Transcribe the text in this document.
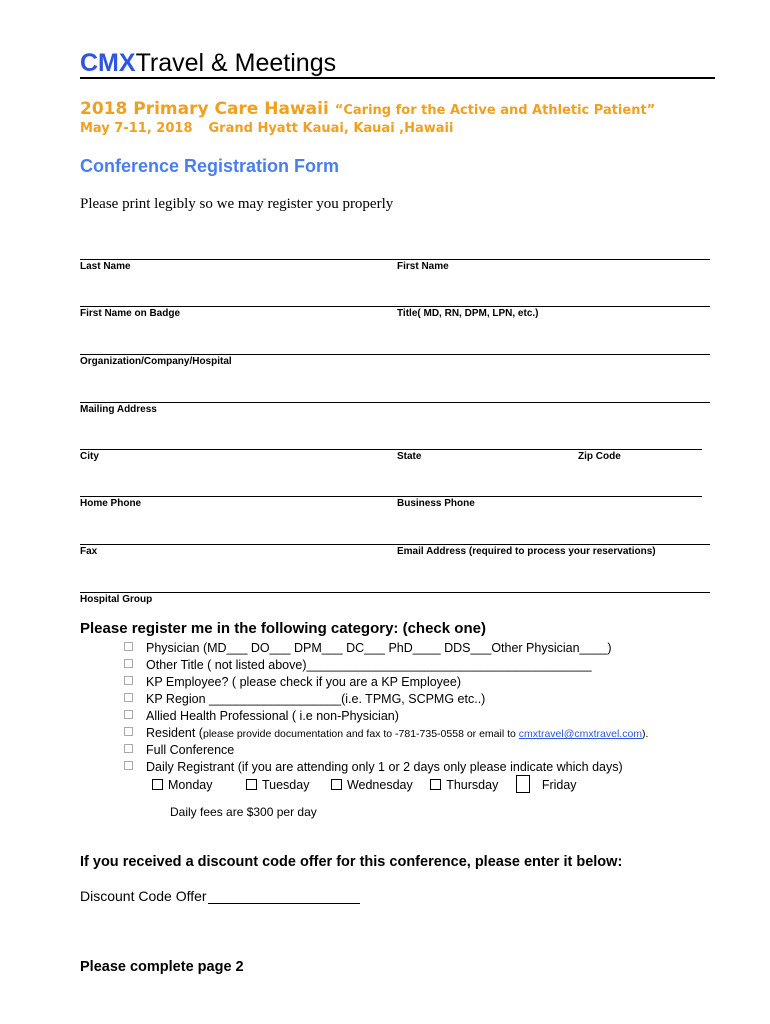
CMXTravel & Meetings
2018 Primary Care Hawaii “Caring for the Active and Athletic Patient”
May 7-11, 2018 Grand Hyatt Kauai, Kauai ,Hawaii
Conference Registration Form
Please print legibly so we may register you properly
Last Name	First Name
First Name on Badge	Title( MD, RN, DPM, LPN, etc.)
Organization/Company/Hospital
Mailing Address
City	State	Zip Code
Home Phone	Business Phone
Fax	Email Address (required to process your reservations)
Hospital Group
Please register me in the following category: (check one)
Physician (MD___ DO___ DPM___ DC___ PhD____ DDS___Other Physician____)
Other Title ( not listed above)_________________________________________
KP Employee? ( please check if you are a KP Employee)
KP Region ___________________(i.e. TPMG, SCPMG etc..)
Allied Health Professional ( i.e non-Physician)
Resident (please provide documentation and fax to -781-735-0558 or email to cmxtravel@cmxtravel.com).
Full Conference
Daily Registrant (if you are attending only 1 or 2 days only please indicate which days)
Monday	Tuesday	Wednesday	Thursday	Friday
Daily fees are $300 per day
If you received a discount code offer for this conference, please enter it below:
Discount Code Offer
Please complete page 2
